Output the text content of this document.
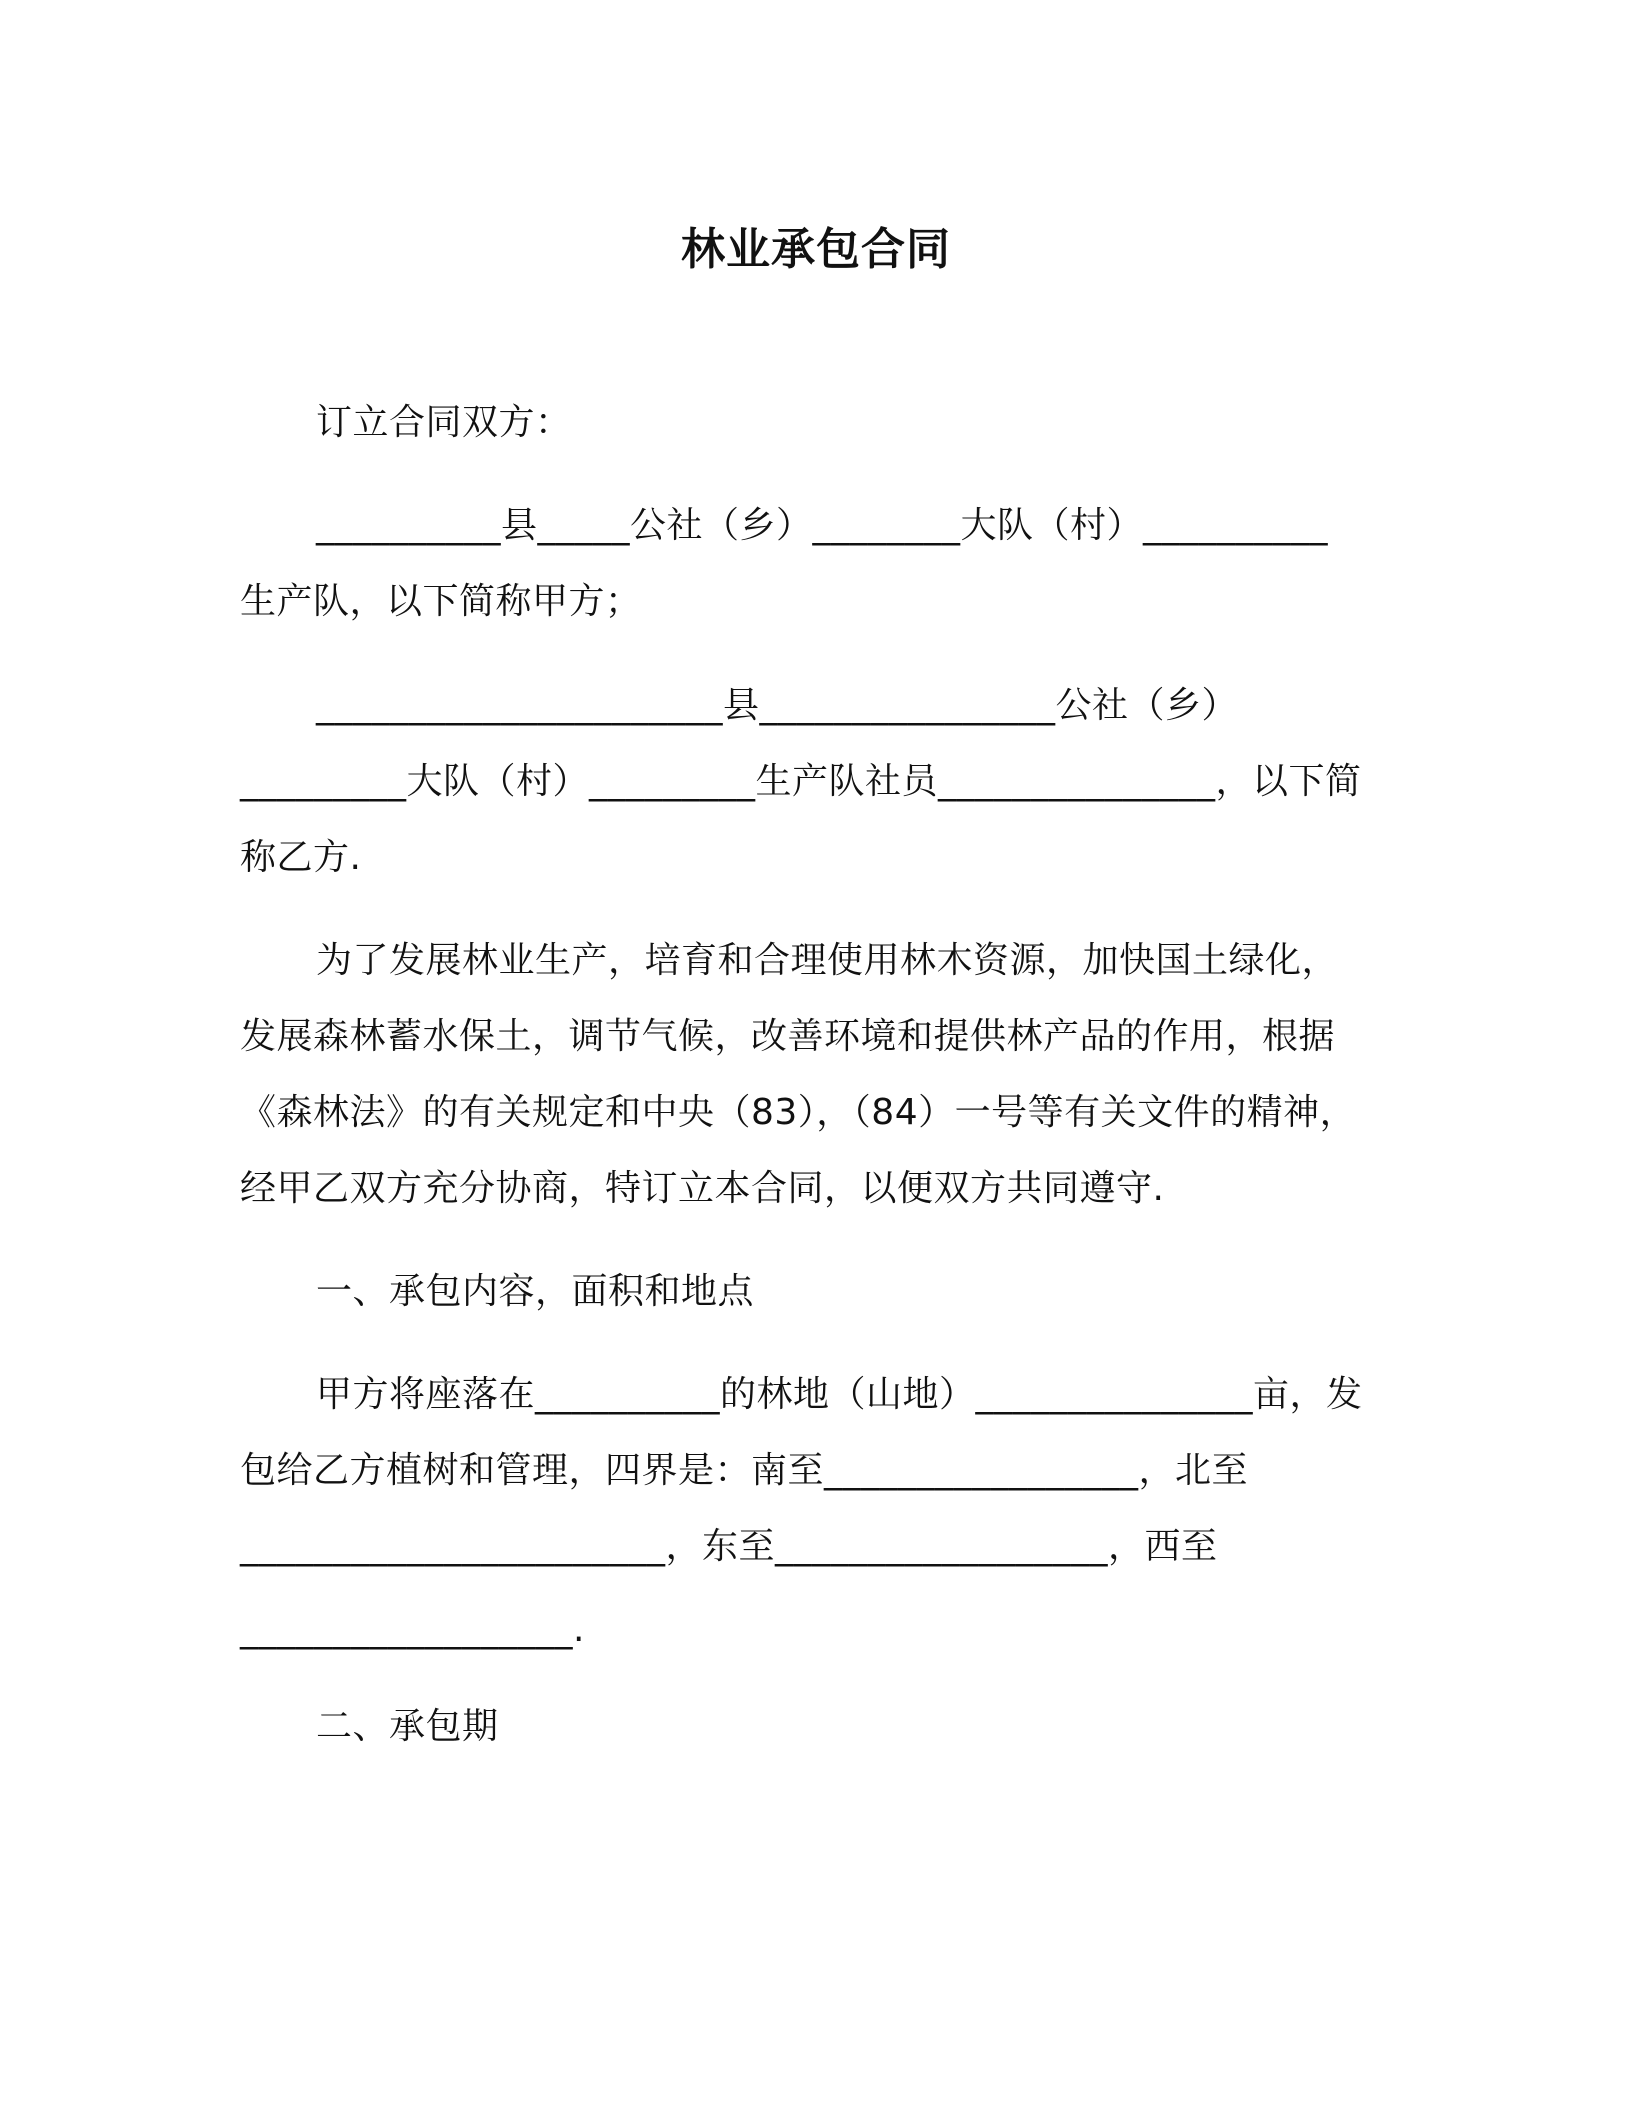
林业承包合同
订立合同双方：
__________县_____公社（乡）________大队（村）__________
生产队，以下简称甲方；
______________________县________________公社（乡）
_________大队（村）_________生产队社员_______________，以下简
称乙方.
为了发展林业生产，培育和合理使用林木资源，加快国土绿化，
发展森林蓄水保土，调节气候，改善环境和提供林产品的作用，根据
《森林法》的有关规定和中央（83），（84）一号等有关文件的精神，
经甲乙双方充分协商，特订立本合同，以便双方共同遵守.
一、承包内容，面积和地点
甲方将座落在__________的林地（山地）_______________亩，发
包给乙方植树和管理，四界是：南至_________________，北至
_______________________，东至__________________，西至
__________________.
二、承包期
